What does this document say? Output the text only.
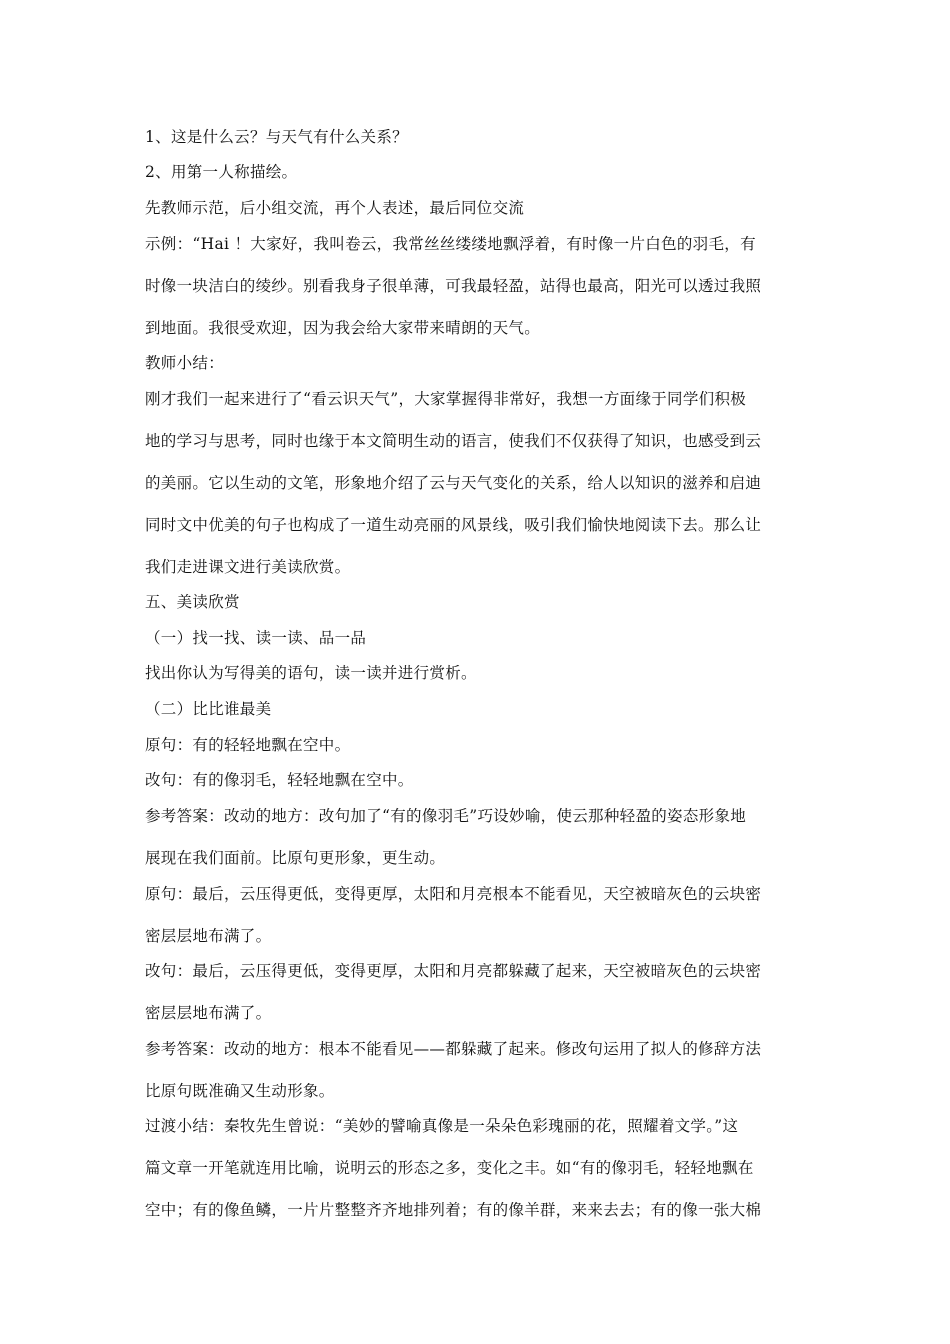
1、这是什么云？与天气有什么关系？
2、用第一人称描绘。
先教师示范，后小组交流，再个人表述，最后同位交流
示例：“Hai ！大家好，我叫卷云，我常丝丝缕缕地飘浮着，有时像一片白色的羽毛，有
时像一块洁白的绫纱。别看我身子很单薄，可我最轻盈，站得也最高，阳光可以透过我照
到地面。我很受欢迎，因为我会给大家带来晴朗的天气。
教师小结：
刚才我们一起来进行了“看云识天气”，大家掌握得非常好，我想一方面缘于同学们积极
地的学习与思考，同时也缘于本文简明生动的语言，使我们不仅获得了知识，也感受到云
的美丽。它以生动的文笔，形象地介绍了云与天气变化的关系，给人以知识的滋养和启迪
同时文中优美的句子也构成了一道生动亮丽的风景线，吸引我们愉快地阅读下去。那么让
我们走进课文进行美读欣赏。
五、美读欣赏
（一）找一找、读一读、品一品
找出你认为写得美的语句，读一读并进行赏析。
（二）比比谁最美
原句：有的轻轻地飘在空中。
改句：有的像羽毛，轻轻地飘在空中。
参考答案：改动的地方：改句加了“有的像羽毛”巧设妙喻，使云那种轻盈的姿态形象地
展现在我们面前。比原句更形象，更生动。
原句：最后，云压得更低，变得更厚，太阳和月亮根本不能看见，天空被暗灰色的云块密
密层层地布满了。
改句：最后，云压得更低，变得更厚，太阳和月亮都躲藏了起来，天空被暗灰色的云块密
密层层地布满了。
参考答案：改动的地方：根本不能看见——都躲藏了起来。修改句运用了拟人的修辞方法
比原句既准确又生动形象。
过渡小结：秦牧先生曾说：“美妙的譬喻真像是一朵朵色彩瑰丽的花，照耀着文学。”这
篇文章一开笔就连用比喻，说明云的形态之多，变化之丰。如“有的像羽毛，轻轻地飘在
空中；有的像鱼鳞，一片片整整齐齐地排列着；有的像羊群，来来去去；有的像一张大棉
